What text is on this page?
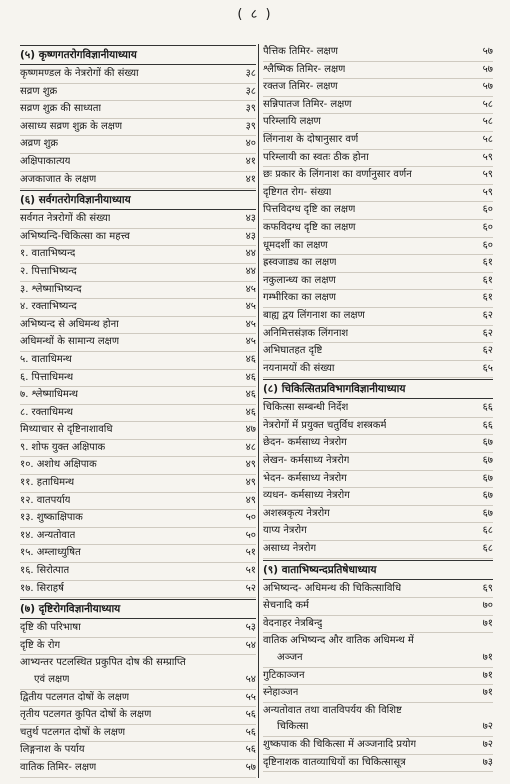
( ८ )
(५) कृष्णगतरोगविज्ञानीयाध्याय
कृष्णमण्डल के नेत्ररोगों की संख्या	३८
सव्रण शुक्र	३८
सव्रण शुक्र की साध्यता	३९
असाध्य सव्रण शुक्र के लक्षण	३९
अव्रण शुक्र	४०
अक्षिपाकात्यय	४१
अजकाजात के लक्षण	४१
(६) सर्वगतरोगविज्ञानीयाध्याय
सर्वगत नेत्ररोगों की संख्या	४३
अभिष्यन्दि-चिकित्सा का महत्त्व	४३
१. वाताभिष्यन्द	४४
२. पित्ताभिष्यन्द	४४
३. श्लेष्माभिष्यन्द	४५
४. रक्ताभिष्यन्द	४५
अभिष्यन्द से अधिमन्थ होना	४५
अधिमन्थों के सामान्य लक्षण	४५
५. वाताधिमन्थ	४६
६. पित्ताधिमन्थ	४६
७. श्लेष्माधिमन्थ	४६
८. रक्ताधिमन्थ	४६
मिथ्याचार से दृष्टिनाशावधि	४७
९. शोफ युक्त अक्षिपाक	४८
१०. अशोथ अक्षिपाक	४९
११. हताधिमन्थ	४९
१२. वातपर्याय	४९
१३. शुष्काक्षिपाक	५०
१४. अन्यतोवात	५०
१५. अम्लाध्युषित	५१
१६. सिरोत्पात	५१
१७. सिराहर्ष	५२
(७) दृष्टिरोगविज्ञानीयाध्याय
दृष्टि की परिभाषा	५३
दृष्टि के रोग	५४
आभ्यन्तर पटलस्थित प्रकुपित दोष की सम्प्राप्ति
एवं लक्षण	५४
द्वितीय पटलगत दोषों के लक्षण	५५
तृतीय पटलगत कुपित दोषों के लक्षण	५६
चतुर्थ पटलगत दोषों के लक्षण	५६
लिङ्गनाश के पर्याय	५६
वातिक तिमिर- लक्षण	५७
पैत्तिक तिमिर- लक्षण	५७
श्लैष्मिक तिमिर- लक्षण	५७
रक्तज तिमिर- लक्षण	५७
सन्निपातज तिमिर- लक्षण	५८
परिम्लायि लक्षण	५८
लिंगनाश के दोषानुसार वर्ण	५८
परिम्लायी का स्वतः ठीक होना	५९
छः प्रकार के लिंगनाश का वर्णानुसार वर्णन	५९
दृष्टिगत रोग- संख्या	५९
पित्तविदग्ध दृष्टि का लक्षण	६०
कफविदग्ध दृष्टि का लक्षण	६०
धूमदर्शी का लक्षण	६०
ह्रस्वजाड्य का लक्षण	६१
नकुलान्ध्य का लक्षण	६१
गम्भीरिका का लक्षण	६१
बाह्य द्वय लिंगनाश का लक्षण	६२
अनिमित्तसंज्ञक लिंगनाश	६२
अभिघातहत दृष्टि	६२
नयनामयों की संख्या	६५
(८) चिकित्सितप्रविभागविज्ञानीयाध्याय
चिकित्सा सम्बन्धी निर्देश	६६
नेत्ररोगों में प्रयुक्त चतुर्विध शस्त्रकर्म	६६
छेदन- कर्मसाध्य नेत्ररोग	६७
लेखन- कर्मसाध्य नेत्ररोग	६७
भेदन- कर्मसाध्य नेत्ररोग	६७
व्यधन- कर्मसाध्य नेत्ररोग	६७
अशस्त्रकृत्य नेत्ररोग	६७
याप्य नेत्ररोग	६८
असाध्य नेत्ररोग	६८
(९) वाताभिष्यन्दप्रतिषेधाध्याय
अभिष्यन्द- अधिमन्थ की चिकित्साविधि	६९
सेचनादि कर्म	७०
वेदनाहर नेत्रबिन्दु	७१
वातिक अभिष्यन्द और वातिक अधिमन्थ में
अञ्जन	७१
गुटिकाञ्जन	७१
स्नेहाञ्जन	७१
अन्यतोवात तथा वातविपर्यय की विशिष्ट
चिकित्सा	७२
शुष्कपाक की चिकित्सा में अञ्जनादि प्रयोग	७२
दृष्टिनाशक वातव्याधियों का चिकित्सासूत्र	७३
